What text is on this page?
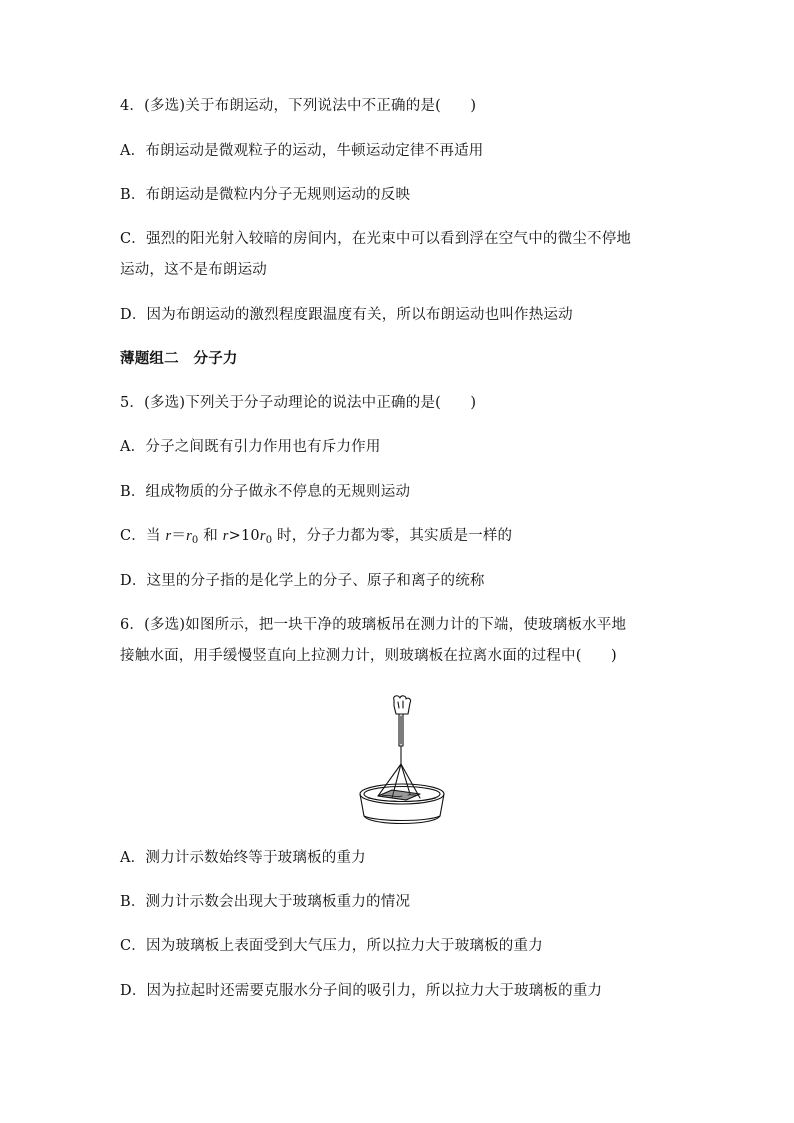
4．(多选)关于布朗运动，下列说法中不正确的是(　　)
A．布朗运动是微观粒子的运动，牛顿运动定律不再适用
B．布朗运动是微粒内分子无规则运动的反映
C．强烈的阳光射入较暗的房间内，在光束中可以看到浮在空气中的微尘不停地
运动，这不是布朗运动
D．因为布朗运动的激烈程度跟温度有关，所以布朗运动也叫作热运动
薄题组二　分子力
5．(多选)下列关于分子动理论的说法中正确的是(　　)
A．分子之间既有引力作用也有斥力作用
B．组成物质的分子做永不停息的无规则运动
C．当 $r=r_0$ 和 $r>10r_0$ 时，分子力都为零，其实质是一样的
D．这里的分子指的是化学上的分子、原子和离子的统称
6．(多选)如图所示，把一块干净的玻璃板吊在测力计的下端，使玻璃板水平地
接触水面，用手缓慢竖直向上拉测力计，则玻璃板在拉离水面的过程中(　　)
A．测力计示数始终等于玻璃板的重力
B．测力计示数会出现大于玻璃板重力的情况
C．因为玻璃板上表面受到大气压力，所以拉力大于玻璃板的重力
D．因为拉起时还需要克服水分子间的吸引力，所以拉力大于玻璃板的重力
